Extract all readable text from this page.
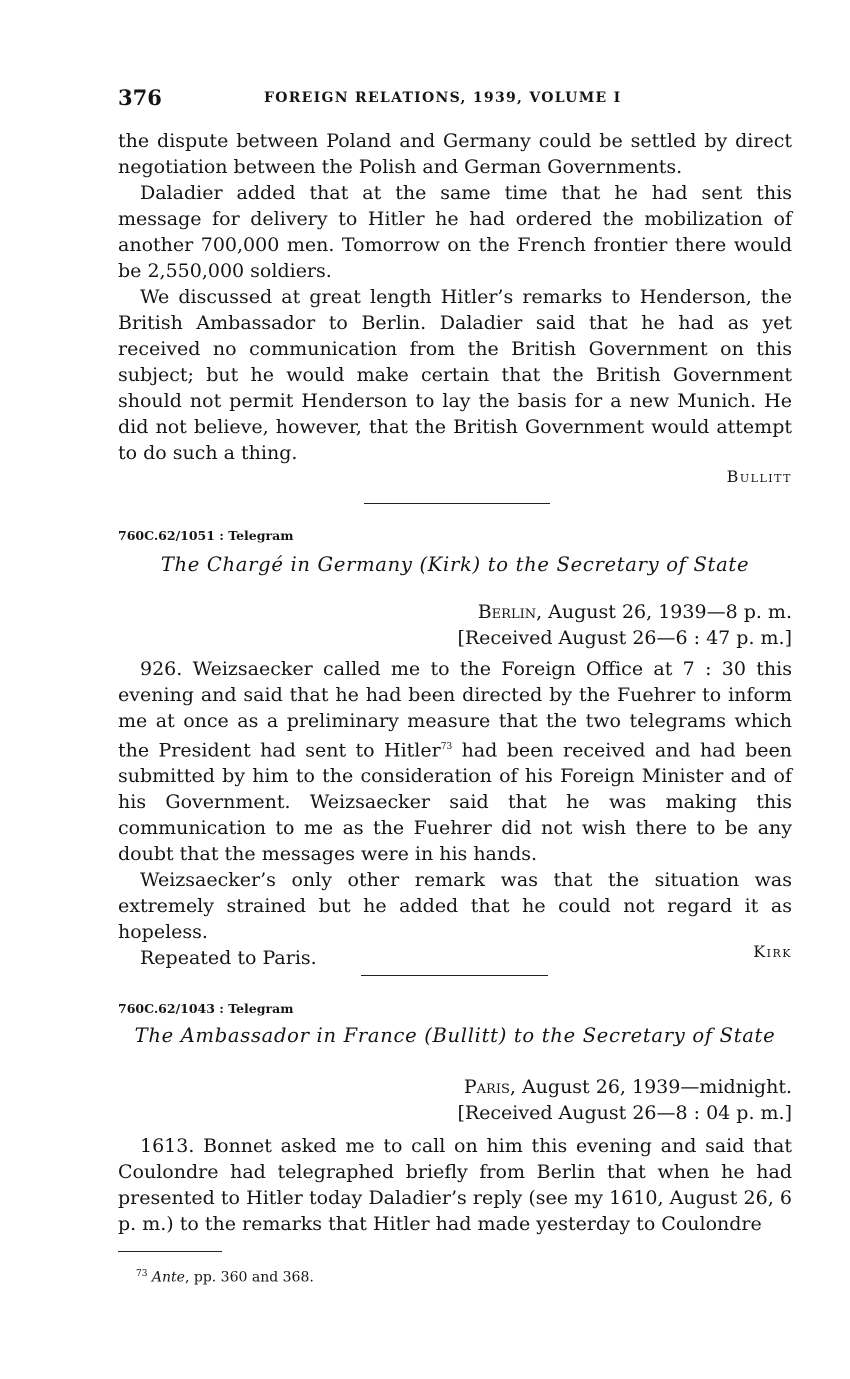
376	FOREIGN RELATIONS, 1939, VOLUME I

the dispute between Poland and Germany could be settled by direct negotiation between the Polish and German Governments.

Daladier added that at the same time that he had sent this message for delivery to Hitler he had ordered the mobilization of another 700,000 men. Tomorrow on the French frontier there would be 2,550,000 soldiers.

We discussed at great length Hitler’s remarks to Henderson, the British Ambassador to Berlin. Daladier said that he had as yet received no communication from the British Government on this subject; but he would make certain that the British Government should not permit Henderson to lay the basis for a new Munich. He did not believe, however, that the British Government would attempt to do such a thing.

Bullitt
760C.62/1051 : Telegram
The Chargé in Germany (Kirk) to the Secretary of State
Berlin, August 26, 1939—8 p. m.
[Received August 26—6 : 47 p. m.]

926. Weizsaecker called me to the Foreign Office at 7 : 30 this evening and said that he had been directed by the Fuehrer to inform me at once as a preliminary measure that the two telegrams which the President had sent to Hitler$^{73}$ had been received and had been submitted by him to the consideration of his Foreign Minister and of his Government. Weizsaecker said that he was making this communication to me as the Fuehrer did not wish there to be any doubt that the messages were in his hands.

Weizsaecker’s only other remark was that the situation was extremely strained but he added that he could not regard it as hopeless.

Repeated to Paris.	Kirk
760C.62/1043 : Telegram
The Ambassador in France (Bullitt) to the Secretary of State
Paris, August 26, 1939—midnight.
[Received August 26—8 : 04 p. m.]

1613. Bonnet asked me to call on him this evening and said that Coulondre had telegraphed briefly from Berlin that when he had presented to Hitler today Daladier’s reply (see my 1610, August 26, 6 p. m.) to the remarks that Hitler had made yesterday to Coulondre

$^{73}$ Ante, pp. 360 and 368.
